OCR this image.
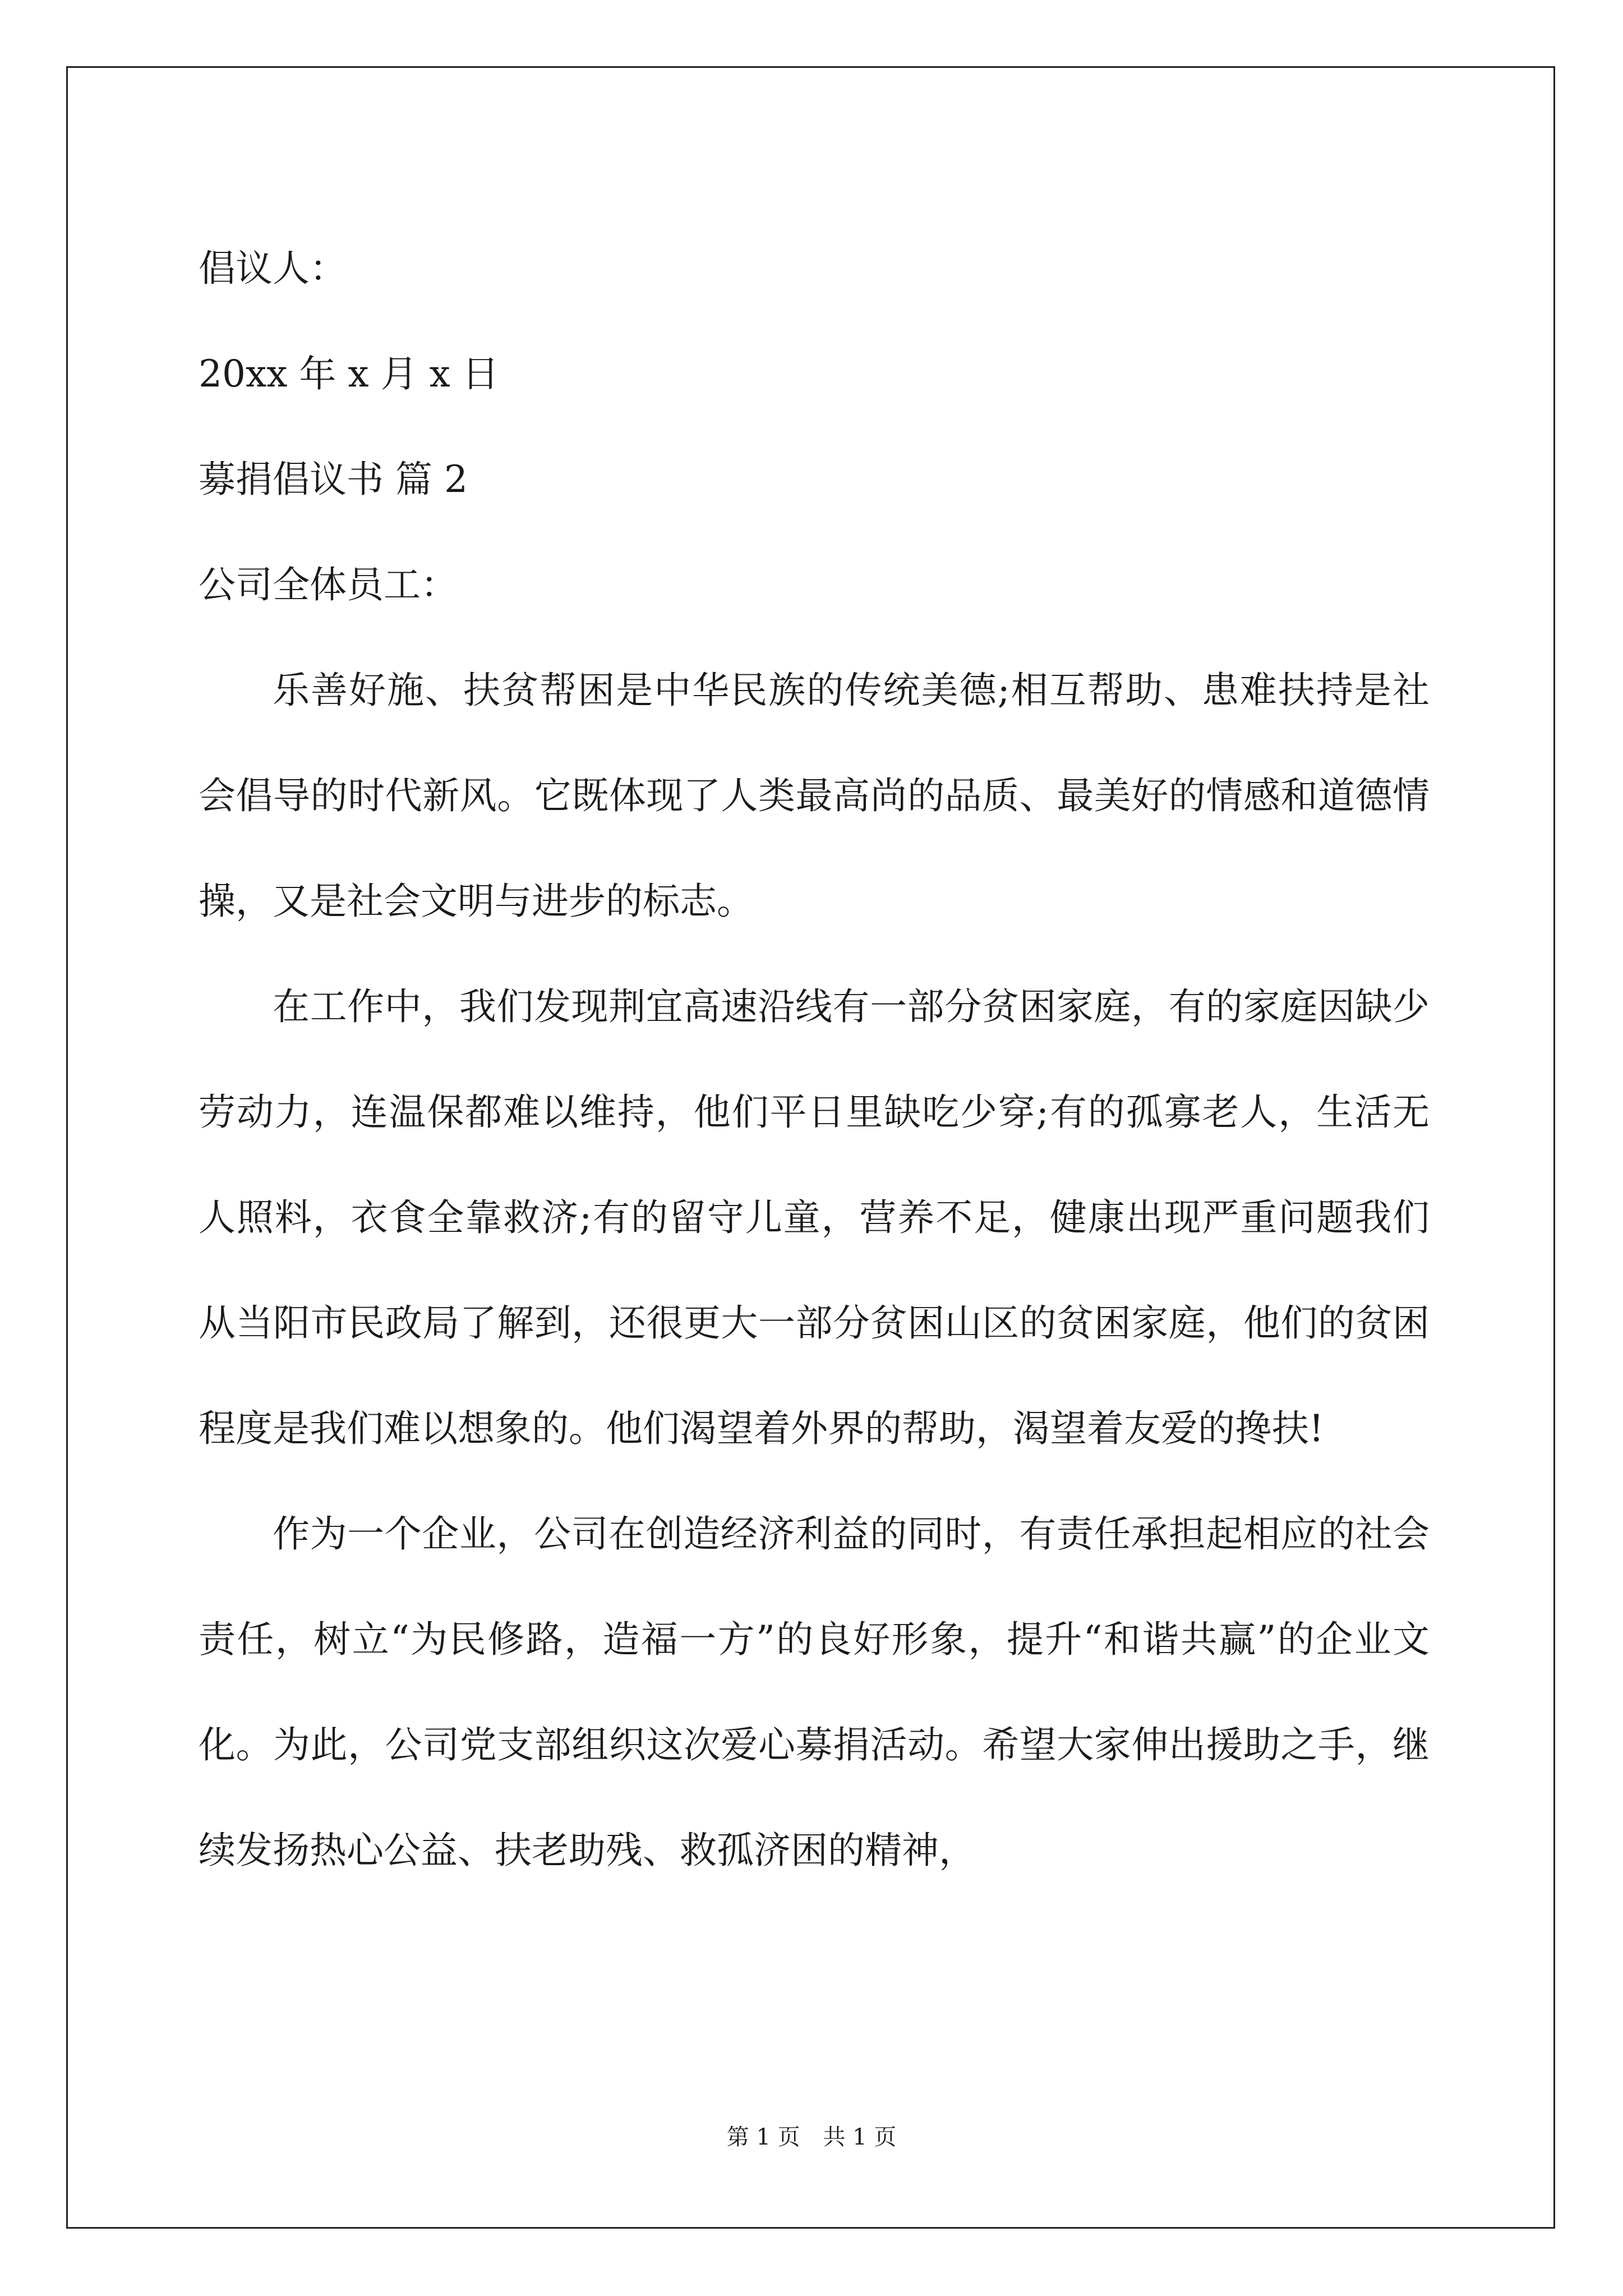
倡议人：
20xx 年 x 月 x 日
募捐倡议书 篇 2
公司全体员工：

乐善好施、扶贫帮困是中华民族的传统美德;相互帮助、患难扶持是社会倡导的时代新风。它既体现了人类最高尚的品质、最美好的情感和道德情操，又是社会文明与进步的标志。

在工作中，我们发现荆宜高速沿线有一部分贫困家庭，有的家庭因缺少劳动力，连温保都难以维持，他们平日里缺吃少穿;有的孤寡老人，生活无人照料，衣食全靠救济;有的留守儿童，营养不足，健康出现严重问题我们从当阳市民政局了解到，还很更大一部分贫困山区的贫困家庭，他们的贫困程度是我们难以想象的。他们渴望着外界的帮助，渴望着友爱的搀扶!

作为一个企业，公司在创造经济利益的同时，有责任承担起相应的社会责任，树立“为民修路，造福一方”的良好形象，提升“和谐共赢”的企业文化。为此，公司党支部组织这次爱心募捐活动。希望大家伸出援助之手，继续发扬热心公益、扶老助残、救孤济困的精神，

第 1 页 共 1 页
